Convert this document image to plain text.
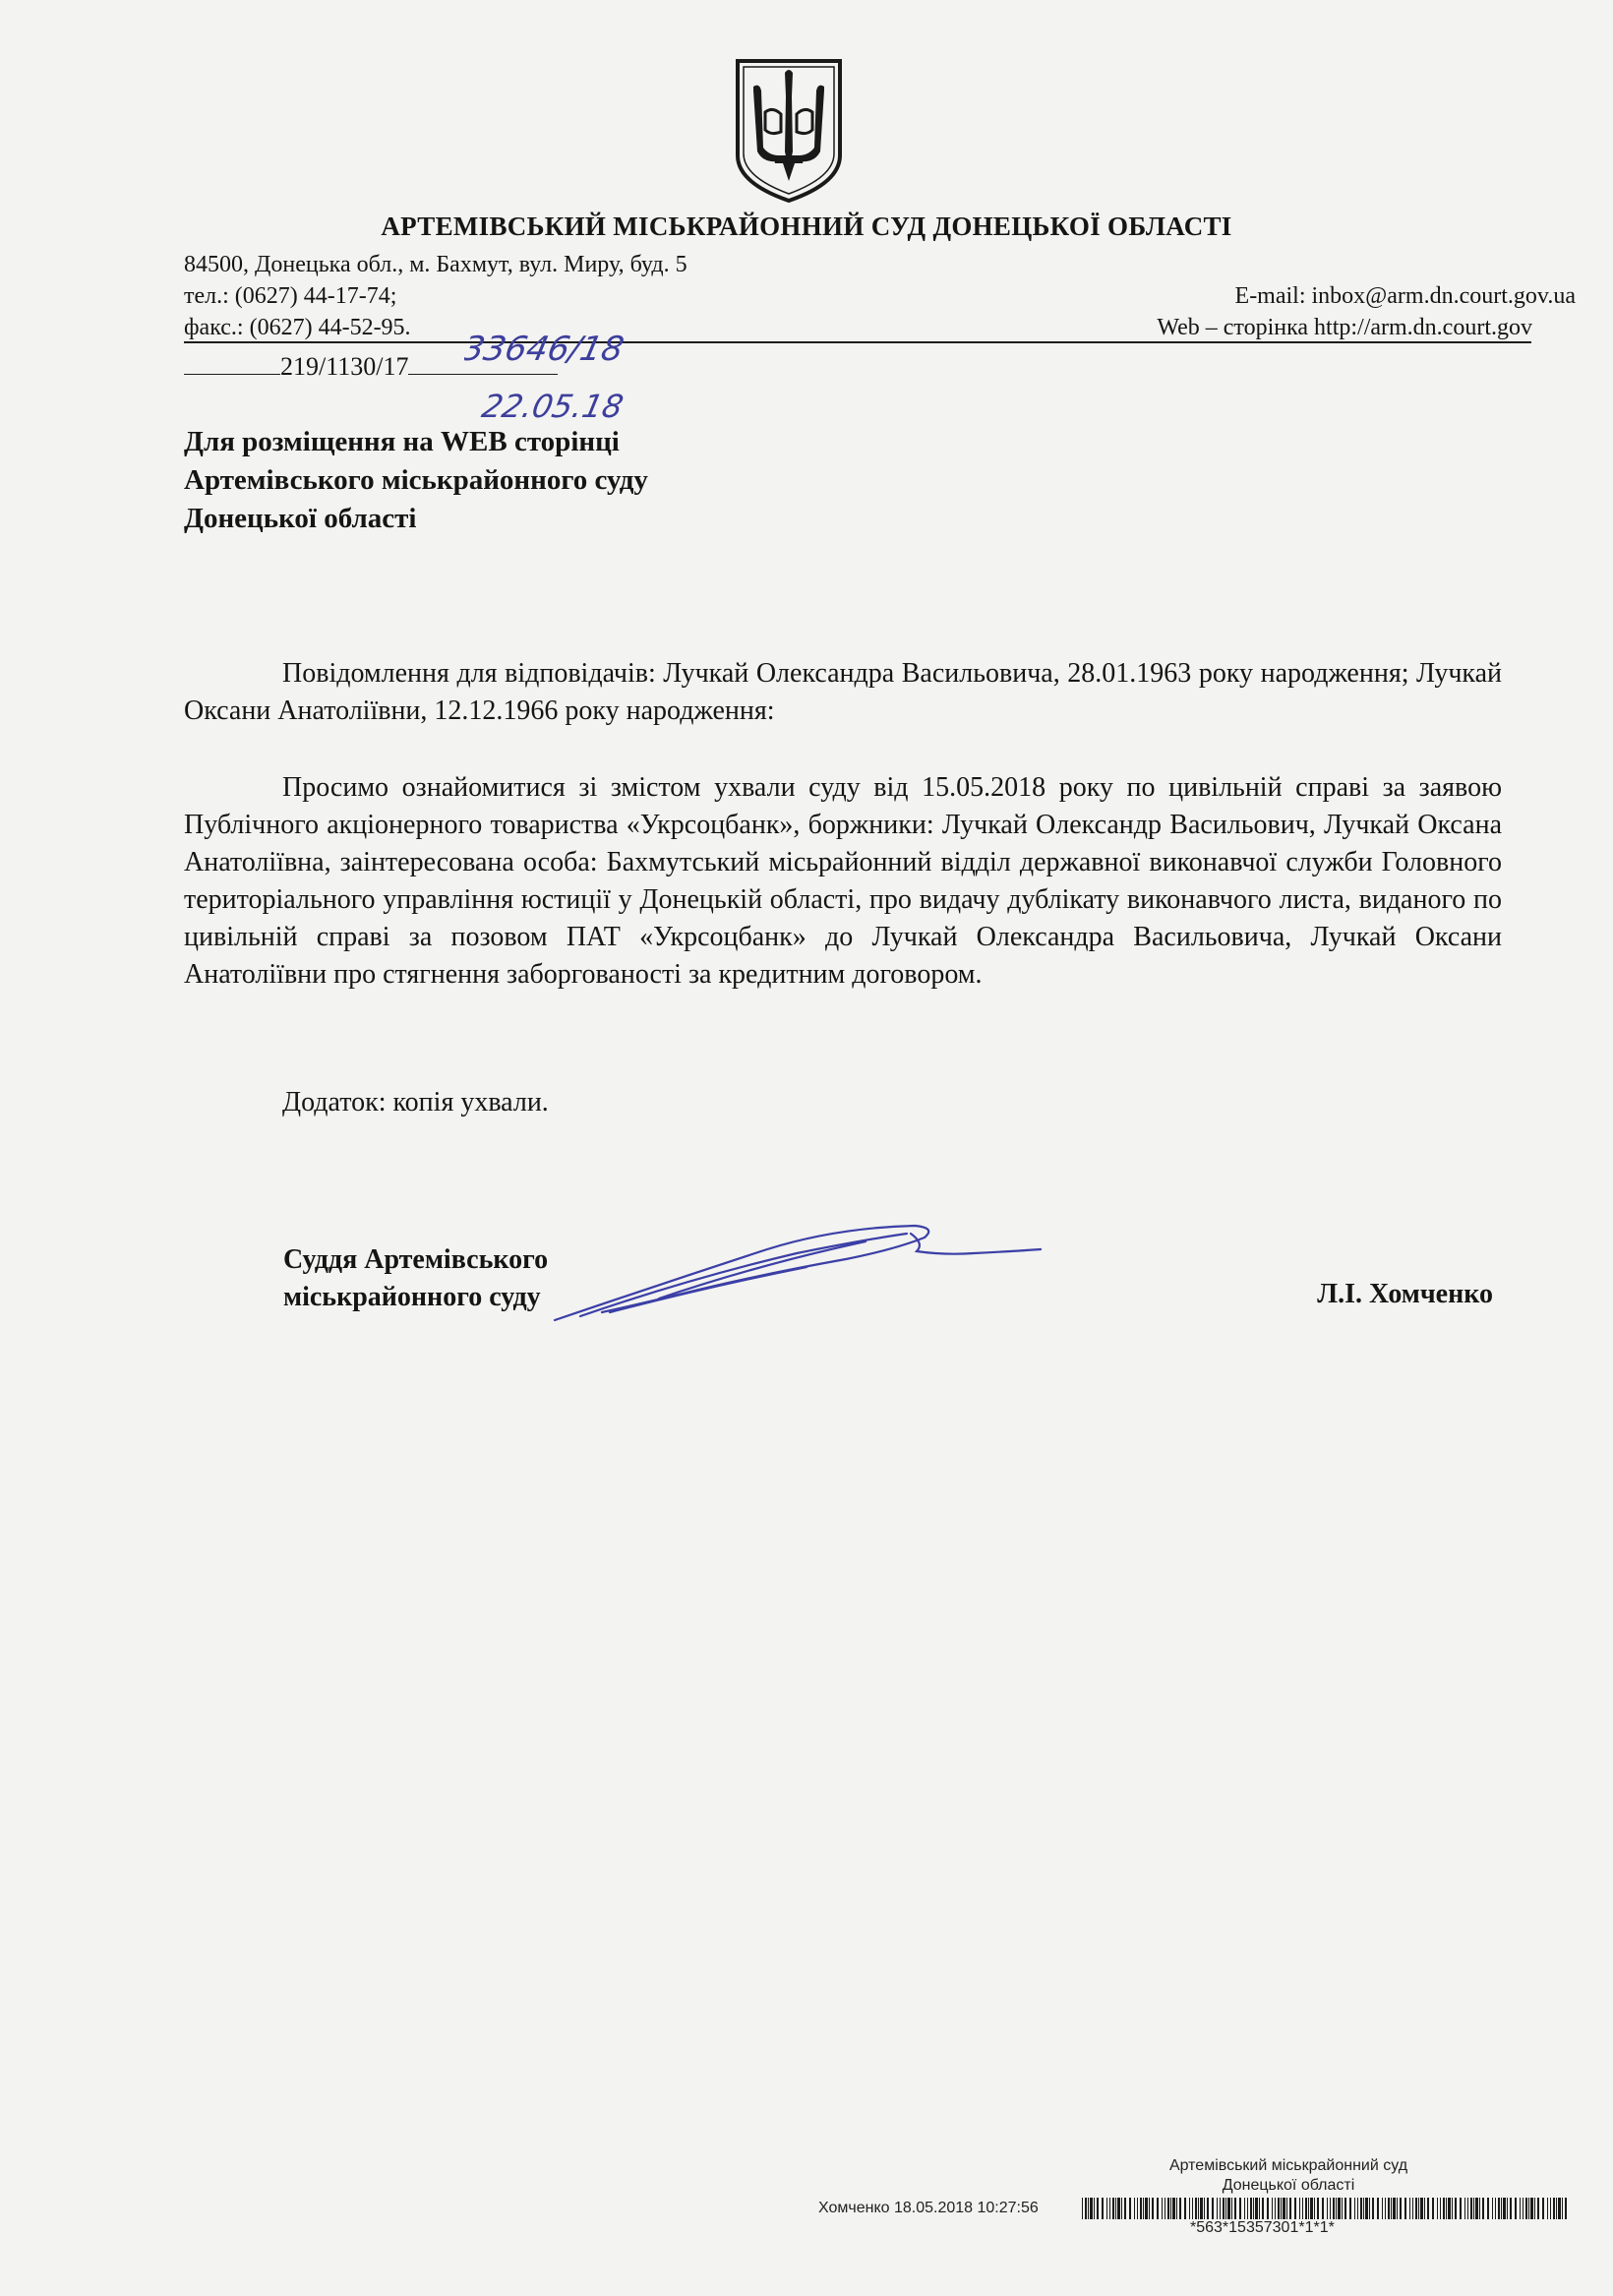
АРТЕМІВСЬКИЙ МІСЬКРАЙОННИЙ СУД ДОНЕЦЬКОЇ ОБЛАСТІ
84500, Донецька обл., м. Бахмут, вул. Миру, буд. 5
тел.: (0627) 44-17-74;	E-mail: inbox@arm.dn.court.gov.ua
факс.: (0627) 44-52-95.	Web – сторінка http://arm.dn.court.gov
219/1130/17	33646/18
22.05.18
Для розміщення на WEB сторінці
Артемівського міськрайонного суду
Донецької області
Повідомлення для відповідачів: Лучкай Олександра Васильовича, 28.01.1963 року народження; Лучкай Оксани Анатоліївни, 12.12.1966 року народження:
Просимо ознайомитися зі змістом ухвали суду від 15.05.2018 року по цивільній справі за заявою Публічного акціонерного товариства «Укрсоцбанк», боржники: Лучкай Олександр Васильович, Лучкай Оксана Анатоліївна, заінтересована особа: Бахмутський місьрайонний відділ державної виконавчої служби Головного територіального управління юстиції у Донецькій області, про видачу дублікату виконавчого листа, виданого по цивільній справі за позовом ПАТ «Укрсоцбанк» до Лучкай Олександра Васильовича, Лучкай Оксани Анатоліївни про стягнення заборгованості за кредитним договором.
Додаток: копія ухвали.
Суддя Артемівського
міськрайонного суду	Л.І. Хомченко
Артемівський міськрайонний суд
Донецької області
Хомченко 18.05.2018 10:27:56
*563*15357301*1*1*
